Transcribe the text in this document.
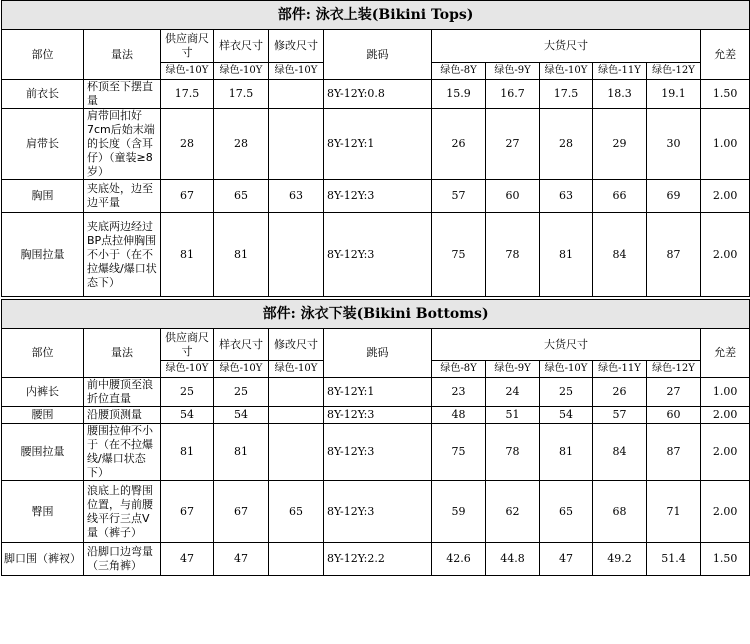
部件: 泳衣上装(Bikini Tops)											
部位	量法	供应商尺寸	样衣尺寸	修改尺寸	跳码	大货尺寸					允差
		绿色-10Y	绿色-10Y	绿色-10Y		绿色-8Y	绿色-9Y	绿色-10Y	绿色-11Y	绿色-12Y	
前衣长	杯顶至下摆直量	17.5	17.5		8Y-12Y:0.8	15.9	16.7	17.5	18.3	19.1	1.50
肩带长	肩带回扣好7cm后始末端的长度（含耳仔）（童装≥8岁）	28	28		8Y-12Y:1	26	27	28	29	30	1.00
胸围	夹底处，边至边平量	67	65	63	8Y-12Y:3	57	60	63	66	69	2.00
胸围拉量	夹底两边经过BP点拉伸胸围不小于（在不拉爆线/爆口状态下）	81	81		8Y-12Y:3	75	78	81	84	87	2.00

部件: 泳衣下装(Bikini Bottoms)											
部位	量法	供应商尺寸	样衣尺寸	修改尺寸	跳码	大货尺寸					允差
		绿色-10Y	绿色-10Y	绿色-10Y		绿色-8Y	绿色-9Y	绿色-10Y	绿色-11Y	绿色-12Y	
内裤长	前中腰顶至浪折位直量	25	25		8Y-12Y:1	23	24	25	26	27	1.00
腰围	沿腰顶测量	54	54		8Y-12Y:3	48	51	54	57	60	2.00
腰围拉量	腰围拉伸不小于（在不拉爆线/爆口状态下）	81	81		8Y-12Y:3	75	78	81	84	87	2.00
臀围	浪底上的臀围位置，与前腰线平行三点V量（裤子）	67	67	65	8Y-12Y:3	59	62	65	68	71	2.00
脚口围（裤衩）	沿脚口边弯量（三角裤）	47	47		8Y-12Y:2.2	42.6	44.8	47	49.2	51.4	1.50
